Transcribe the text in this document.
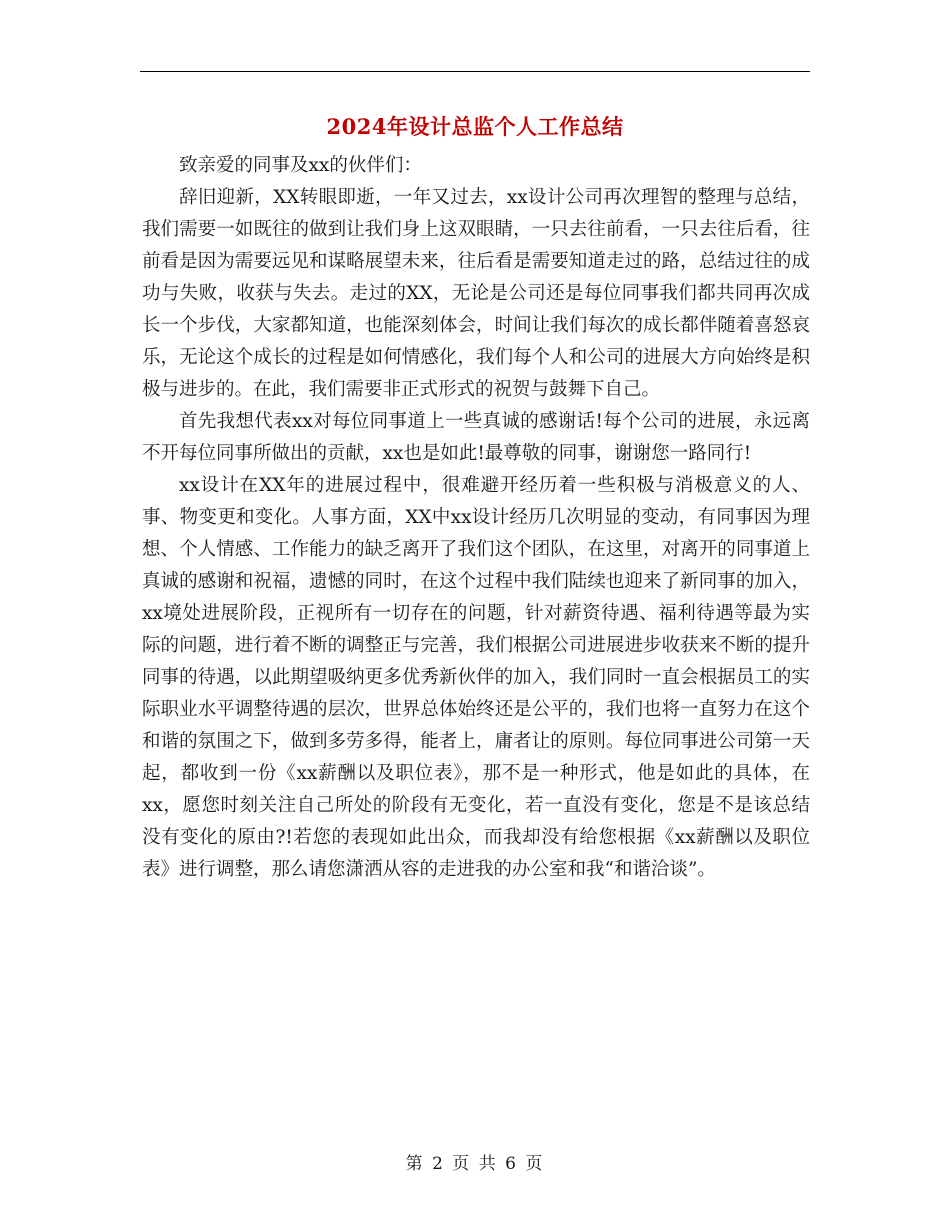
2024年设计总监个人工作总结

致亲爱的同事及xx的伙伴们：

辞旧迎新，XX转眼即逝，一年又过去，xx设计公司再次理智的整理与总结，我们需要一如既往的做到让我们身上这双眼睛，一只去往前看，一只去往后看，往前看是因为需要远见和谋略展望未来，往后看是需要知道走过的路，总结过往的成功与失败，收获与失去。走过的XX，无论是公司还是每位同事我们都共同再次成长一个步伐，大家都知道，也能深刻体会，时间让我们每次的成长都伴随着喜怒哀乐，无论这个成长的过程是如何情感化，我们每个人和公司的进展大方向始终是积极与进步的。在此，我们需要非正式形式的祝贺与鼓舞下自己。

首先我想代表xx对每位同事道上一些真诚的感谢话!每个公司的进展，永远离不开每位同事所做出的贡献，xx也是如此!最尊敬的同事，谢谢您一路同行!

xx设计在XX年的进展过程中，很难避开经历着一些积极与消极意义的人、事、物变更和变化。人事方面，XX中xx设计经历几次明显的变动，有同事因为理想、个人情感、工作能力的缺乏离开了我们这个团队，在这里，对离开的同事道上真诚的感谢和祝福，遗憾的同时，在这个过程中我们陆续也迎来了新同事的加入，xx境处进展阶段，正视所有一切存在的问题，针对薪资待遇、福利待遇等最为实际的问题，进行着不断的调整正与完善，我们根据公司进展进步收获来不断的提升同事的待遇，以此期望吸纳更多优秀新伙伴的加入，我们同时一直会根据员工的实际职业水平调整待遇的层次，世界总体始终还是公平的，我们也将一直努力在这个和谐的氛围之下，做到多劳多得，能者上，庸者让的原则。每位同事进公司第一天起，都收到一份《xx薪酬以及职位表》，那不是一种形式，他是如此的具体，在xx，愿您时刻关注自己所处的阶段有无变化，若一直没有变化，您是不是该总结没有变化的原由?!若您的表现如此出众，而我却没有给您根据《xx薪酬以及职位表》进行调整，那么请您潇洒从容的走进我的办公室和我“和谐洽谈”。

第 2 页 共 6 页
